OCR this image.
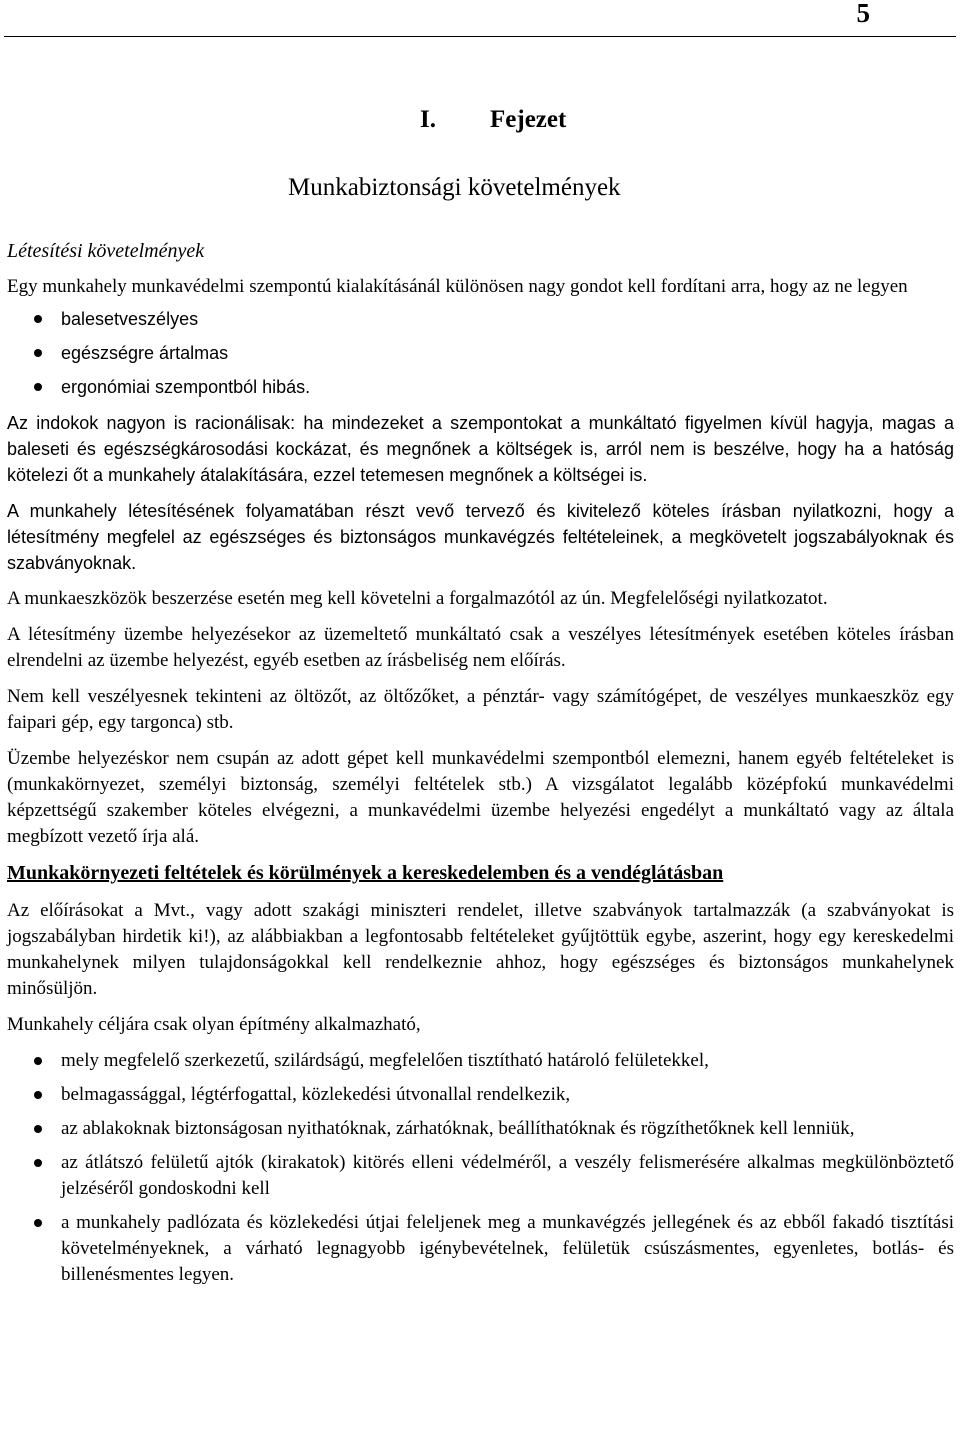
5
I. Fejezet
Munkabiztonsági követelmények
Létesítési követelmények

Egy munkahely munkavédelmi szempontú kialakításánál különösen nagy gondot kell fordítani arra, hogy az ne legyen

balesetveszélyes
egészségre ártalmas
ergonómiai szempontból hibás.

Az indokok nagyon is racionálisak: ha mindezeket a szempontokat a munkáltató figyelmen kívül hagyja, magas a baleseti és egészségkárosodási kockázat, és megnőnek a költségek is, arról nem is beszélve, hogy ha a hatóság kötelezi őt a munkahely átalakítására, ezzel tetemesen megnőnek a költségei is.

A munkahely létesítésének folyamatában részt vevő tervező és kivitelező köteles írásban nyilatkozni, hogy a létesítmény megfelel az egészséges és biztonságos munkavégzés feltételeinek, a megkövetelt jogszabályoknak és szabványoknak.

A munkaeszközök beszerzése esetén meg kell követelni a forgalmazótól az ún. Megfelelőségi nyilatkozatot.

A létesítmény üzembe helyezésekor az üzemeltető munkáltató csak a veszélyes létesítmények esetében köteles írásban elrendelni az üzembe helyezést, egyéb esetben az írásbeliség nem előírás.

Nem kell veszélyesnek tekinteni az öltözőt, az öltőzőket, a pénztár- vagy számítógépet, de veszélyes munkaeszköz egy faipari gép, egy targonca) stb.

Üzembe helyezéskor nem csupán az adott gépet kell munkavédelmi szempontból elemezni, hanem egyéb feltételeket is (munkakörnyezet, személyi biztonság, személyi feltételek stb.) A vizsgálatot legalább középfokú munkavédelmi képzettségű szakember köteles elvégezni, a munkavédelmi üzembe helyezési engedélyt a munkáltató vagy az általa megbízott vezető írja alá.

Munkakörnyezeti feltételek és körülmények a kereskedelemben és a vendéglátásban

Az előírásokat a Mvt., vagy adott szakági miniszteri rendelet, illetve szabványok tartalmazzák (a szabványokat is jogszabályban hirdetik ki!), az alábbiakban a legfontosabb feltételeket gyűjtöttük egybe, aszerint, hogy egy kereskedelmi munkahelynek milyen tulajdonságokkal kell rendelkeznie ahhoz, hogy egészséges és biztonságos munkahelynek minősüljön.

Munkahely céljára csak olyan építmény alkalmazható,

mely megfelelő szerkezetű, szilárdságú, megfelelően tisztítható határoló felületekkel,
belmagassággal, légtérfogattal, közlekedési útvonallal rendelkezik,
az ablakoknak biztonságosan nyithatóknak, zárhatóknak, beállíthatóknak és rögzíthetőknek kell lenniük,
az átlátszó felületű ajtók (kirakatok) kitörés elleni védelméről, a veszély felismerésére alkalmas megkülönböztető jelzéséről gondoskodni kell
a munkahely padlózata és közlekedési útjai feleljenek meg a munkavégzés jellegének és az ebből fakadó tisztítási követelményeknek, a várható legnagyobb igénybevételnek, felületük csúszásmentes, egyenletes, botlás- és billenésmentes legyen.
